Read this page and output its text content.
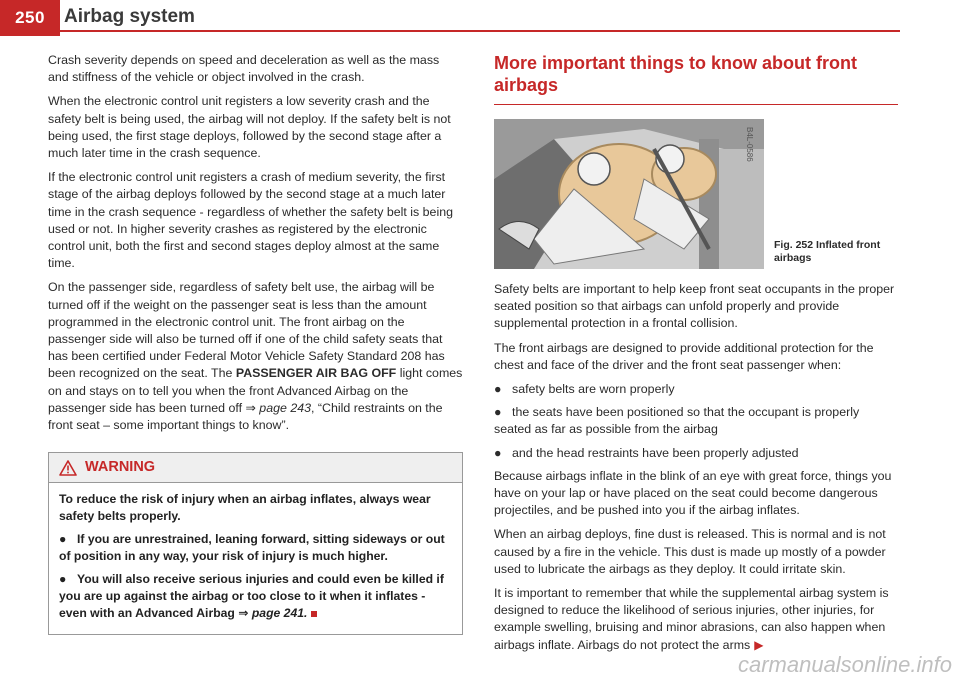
250	Airbag system

Crash severity depends on speed and deceleration as well as the mass and stiffness of the vehicle or object involved in the crash.

When the electronic control unit registers a low severity crash and the safety belt is being used, the airbag will not deploy. If the safety belt is not being used, the first stage deploys, followed by the second stage after a much later time in the crash sequence.

If the electronic control unit registers a crash of medium severity, the first stage of the airbag deploys followed by the second stage at a much later time in the crash sequence - regardless of whether the safety belt is being used or not. In higher severity crashes as registered by the electronic control unit, both the first and second stages deploy almost at the same time.

On the passenger side, regardless of safety belt use, the airbag will be turned off if the weight on the passenger seat is less than the amount programmed in the electronic control unit. The front airbag on the passenger side will also be turned off if one of the child safety seats that has been certified under Federal Motor Vehicle Safety Standard 208 has been recognized on the seat. The PASSENGER AIR BAG OFF light comes on and stays on to tell you when the front Advanced Airbag on the passenger side has been turned off ⇒ page 243, “Child restraints on the front seat – some important things to know”.

WARNING

To reduce the risk of injury when an airbag inflates, always wear safety belts properly.

● If you are unrestrained, leaning forward, sitting sideways or out of position in any way, your risk of injury is much higher.

● You will also receive serious injuries and could even be killed if you are up against the airbag or too close to it when it inflates - even with an Advanced Airbag ⇒ page 241.

More important things to know about front airbags
B4L-0586
Fig. 252 Inflated front airbags

Safety belts are important to help keep front seat occupants in the proper seated position so that airbags can unfold properly and provide supplemental protection in a frontal collision.

The front airbags are designed to provide additional protection for the chest and face of the driver and the front seat passenger when:

● safety belts are worn properly
● the seats have been positioned so that the occupant is properly seated as far as possible from the airbag
● and the head restraints have been properly adjusted

Because airbags inflate in the blink of an eye with great force, things you have on your lap or have placed on the seat could become dangerous projectiles, and be pushed into you if the airbag inflates.

When an airbag deploys, fine dust is released. This is normal and is not caused by a fire in the vehicle. This dust is made up mostly of a powder used to lubricate the airbags as they deploy. It could irritate skin.

It is important to remember that while the supplemental airbag system is designed to reduce the likelihood of serious injuries, other injuries, for example swelling, bruising and minor abrasions, can also happen when airbags inflate. Airbags do not protect the arms ▶

carmanualsonline.info
